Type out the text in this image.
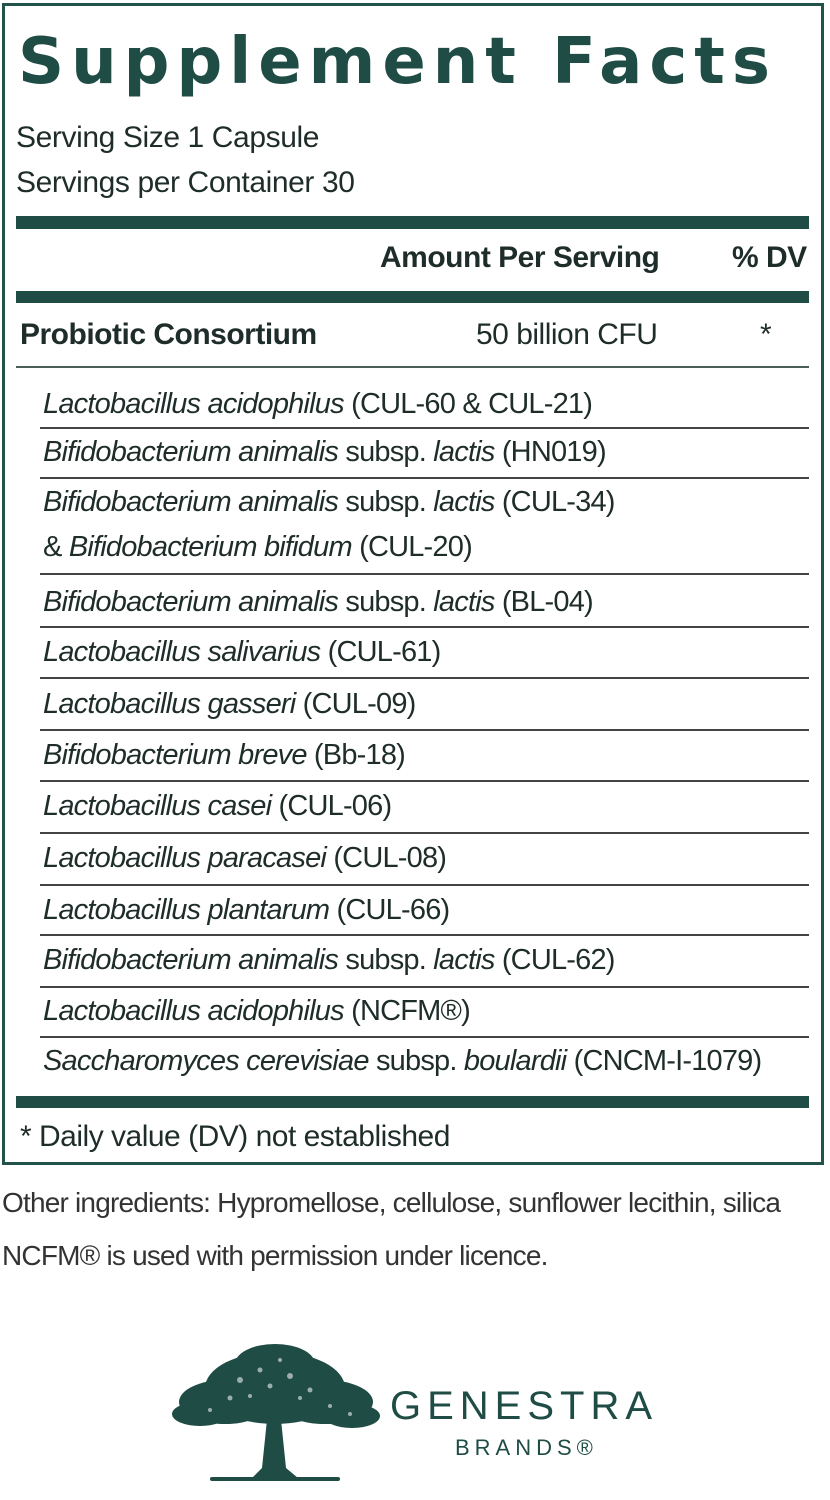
Supplement Facts
Serving Size 1 Capsule
Servings per Container 30
Amount Per Serving % DV
Probiotic Consortium	50 billion CFU	*
Lactobacillus acidophilus (CUL-60 & CUL-21)
Bifidobacterium animalis subsp. lactis (HN019)
Bifidobacterium animalis subsp. lactis (CUL-34)
& Bifidobacterium bifidum (CUL-20)
Bifidobacterium animalis subsp. lactis (BL-04)
Lactobacillus salivarius (CUL-61)
Lactobacillus gasseri (CUL-09)
Bifidobacterium breve (Bb-18)
Lactobacillus casei (CUL-06)
Lactobacillus paracasei (CUL-08)
Lactobacillus plantarum (CUL-66)
Bifidobacterium animalis subsp. lactis (CUL-62)
Lactobacillus acidophilus (NCFM®)
Saccharomyces cerevisiae subsp. boulardii (CNCM-I-1079)
* Daily value (DV) not established
Other ingredients: Hypromellose, cellulose, sunflower lecithin, silica
NCFM® is used with permission under licence.
GENESTRA
BRANDS®
